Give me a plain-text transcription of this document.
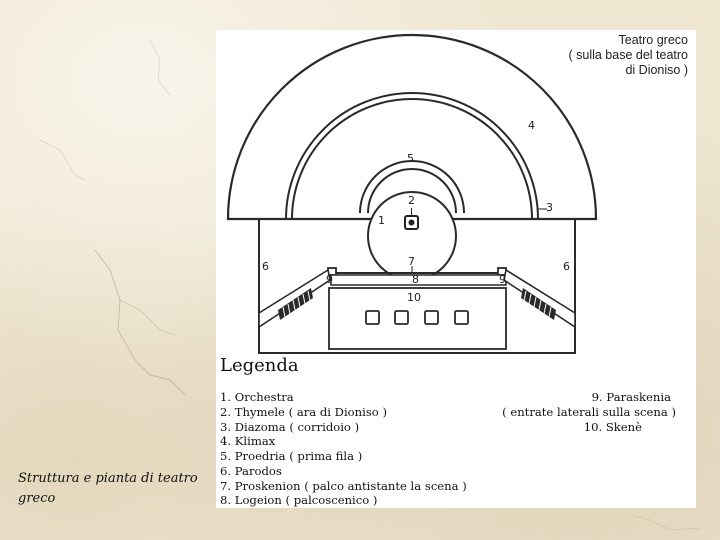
Teatro greco
( sulla base del teatro
di Dioniso )
4
5
2
1
3
6	6
7
8
9	9
10
Legenda
1. Orchestra
2. Thymele ( ara di Dioniso )
3. Diazoma ( corridoio )
4. Klimax
5. Proedria ( prima fila )
6. Parodos
7. Proskenion ( palco antistante la scena )
8. Logeion ( palcoscenico )
9. Paraskenia
( entrate laterali sulla scena )
10. Skenè
Struttura e pianta di teatro greco
